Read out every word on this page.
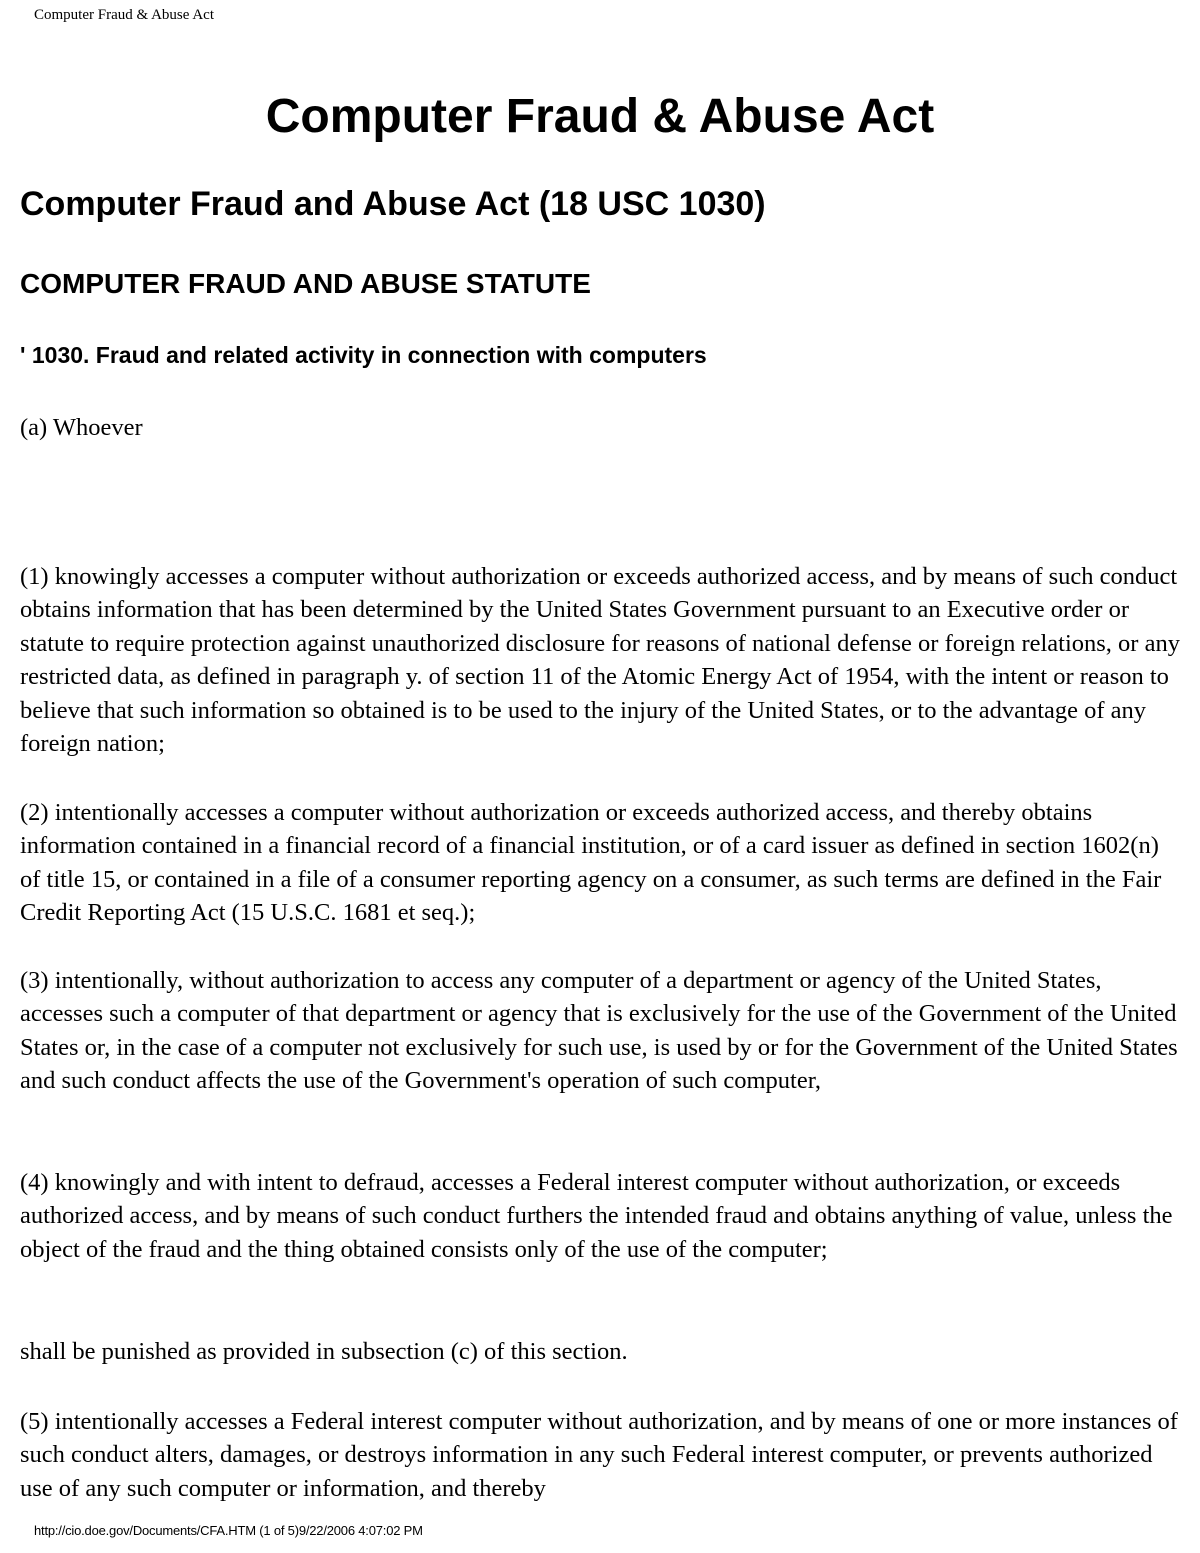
Computer Fraud & Abuse Act
Computer Fraud & Abuse Act
Computer Fraud and Abuse Act (18 USC 1030)
COMPUTER FRAUD AND ABUSE STATUTE
' 1030. Fraud and related activity in connection with computers

(a) Whoever

(1) knowingly accesses a computer without authorization or exceeds authorized access, and by means of such conduct obtains information that has been determined by the United States Government pursuant to an Executive order or statute to require protection against unauthorized disclosure for reasons of national defense or foreign relations, or any restricted data, as defined in paragraph y. of section 11 of the Atomic Energy Act of 1954, with the intent or reason to believe that such information so obtained is to be used to the injury of the United States, or to the advantage of any foreign nation;

(2) intentionally accesses a computer without authorization or exceeds authorized access, and thereby obtains information contained in a financial record of a financial institution, or of a card issuer as defined in section 1602(n) of title 15, or contained in a file of a consumer reporting agency on a consumer, as such terms are defined in the Fair Credit Reporting Act (15 U.S.C. 1681 et seq.);

(3) intentionally, without authorization to access any computer of a department or agency of the United States, accesses such a computer of that department or agency that is exclusively for the use of the Government of the United States or, in the case of a computer not exclusively for such use, is used by or for the Government of the United States and such conduct affects the use of the Government's operation of such computer,

(4) knowingly and with intent to defraud, accesses a Federal interest computer without authorization, or exceeds authorized access, and by means of such conduct furthers the intended fraud and obtains anything of value, unless the object of the fraud and the thing obtained consists only of the use of the computer;

shall be punished as provided in subsection (c) of this section.

(5) intentionally accesses a Federal interest computer without authorization, and by means of one or more instances of such conduct alters, damages, or destroys information in any such Federal interest computer, or prevents authorized use of any such computer or information, and thereby

http://cio.doe.gov/Documents/CFA.HTM (1 of 5)9/22/2006 4:07:02 PM
